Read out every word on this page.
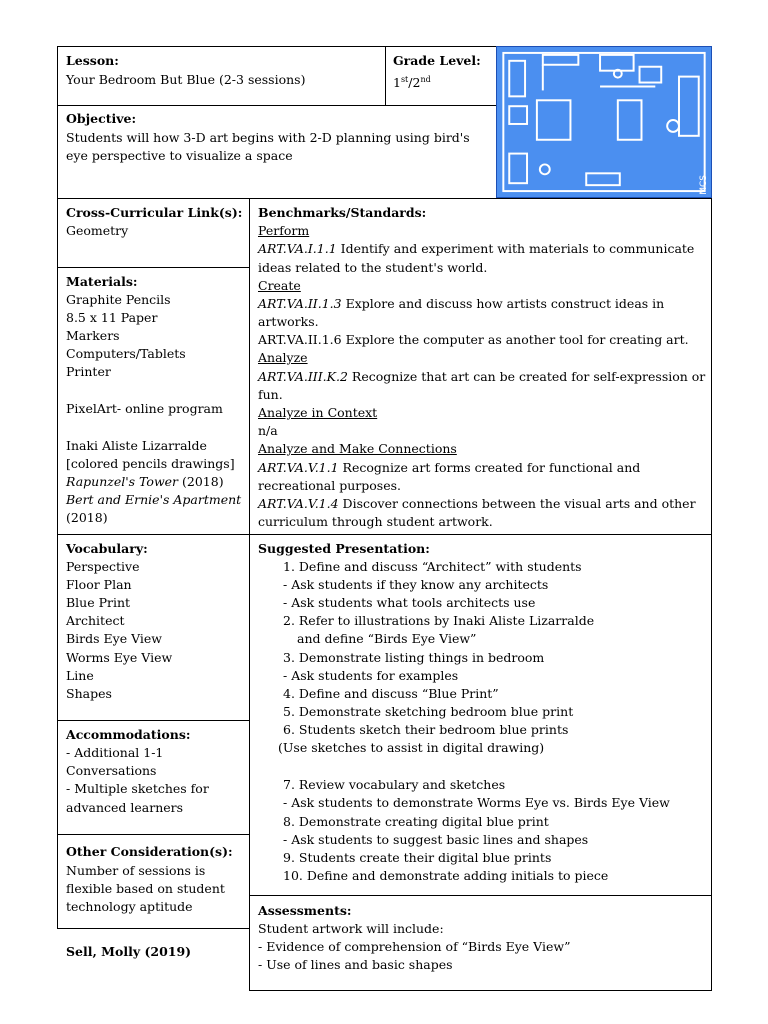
Lesson:
Your Bedroom But Blue (2-3 sessions)
Grade Level:
1st/2nd
Objective:
Students will how 3-D art begins with 2-D planning using bird's
eye perspective to visualize a space
MCS
Cross-Curricular Link(s):
Geometry
Materials:
Graphite Pencils
8.5 x 11 Paper
Markers
Computers/Tablets
Printer
PixelArt- online program
Inaki Aliste Lizarralde
[colored pencils drawings]
Rapunzel's Tower (2018)
Bert and Ernie's Apartment
(2018)
Vocabulary:
Perspective
Floor Plan
Blue Print
Architect
Birds Eye View
Worms Eye View
Line
Shapes
Accommodations:
- Additional 1-1
Conversations
- Multiple sketches for
advanced learners
Other Consideration(s):
Number of sessions is
flexible based on student
technology aptitude
Sell, Molly (2019)
Benchmarks/Standards:
Perform
ART.VA.I.1.1 Identify and experiment with materials to communicate
ideas related to the student's world.
Create
ART.VA.II.1.3 Explore and discuss how artists construct ideas in
artworks.
ART.VA.II.1.6 Explore the computer as another tool for creating art.
Analyze
ART.VA.III.K.2 Recognize that art can be created for self-expression or
fun.
Analyze in Context
n/a
Analyze and Make Connections
ART.VA.V.1.1 Recognize art forms created for functional and
recreational purposes.
ART.VA.V.1.4 Discover connections between the visual arts and other
curriculum through student artwork.
Suggested Presentation:
1. Define and discuss “Architect” with students
- Ask students if they know any architects
- Ask students what tools architects use
2. Refer to illustrations by Inaki Aliste Lizarralde
and define “Birds Eye View”
3. Demonstrate listing things in bedroom
- Ask students for examples
4. Define and discuss “Blue Print”
5. Demonstrate sketching bedroom blue print
6. Students sketch their bedroom blue prints
(Use sketches to assist in digital drawing)
7. Review vocabulary and sketches
- Ask students to demonstrate Worms Eye vs. Birds Eye View
8. Demonstrate creating digital blue print
- Ask students to suggest basic lines and shapes
9. Students create their digital blue prints
10. Define and demonstrate adding initials to piece
Assessments:
Student artwork will include:
- Evidence of comprehension of “Birds Eye View”
- Use of lines and basic shapes
